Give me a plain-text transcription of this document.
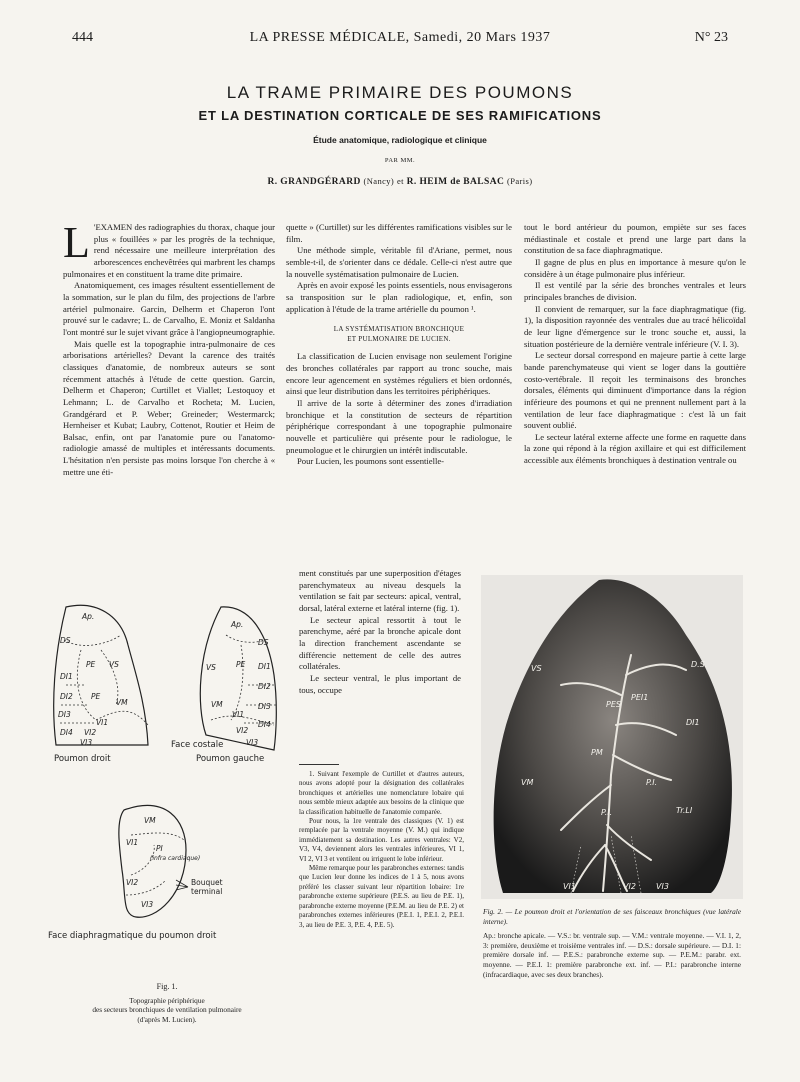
444	LA PRESSE MÉDICALE, Samedi, 20 Mars 1937	N° 23
LA TRAME PRIMAIRE DES POUMONS
ET LA DESTINATION CORTICALE DE SES RAMIFICATIONS
Étude anatomique, radiologique et clinique
PAR MM.
R. GRANDGÉRARD (Nancy) et R. HEIM de BALSAC (Paris)
L 'EXAMEN des radiographies du thorax, chaque jour plus « fouillées » par les progrès de la technique, rend nécessaire une meilleure interprétation des arborescences enchevêtrées qui marbrent les champs pulmonaires et en constituent la trame dite primaire.

Anatomiquement, ces images résultent essentiellement de la sommation, sur le plan du film, des projections de l'arbre artériel pulmonaire. Garcin, Delherm et Chaperon l'ont prouvé sur le cadavre; L. de Carvalho, E. Moniz et Saldanha l'ont montré sur le sujet vivant grâce à l'angiopneumographie.

Mais quelle est la topographie intra-pulmonaire de ces arborisations artérielles? Devant la carence des traités classiques d'anatomie, de nombreux auteurs se sont récemment attachés à l'étude de cette question. Garcin, Delherm et Chaperon; Curtillet et Viallet; Lestoquoy et Lehmann; L. de Carvalho et Rocheta; M. Lucien, Grandgérard et P. Weber; Greineder; Westermarck; Hernheiser et Kubat; Laubry, Cottenot, Routier et Heim de Balsac, enfin, ont par l'anatomie pure ou l'anatomo-radiologie amassé de multiples et intéressants documents. L'hésitation n'en persiste pas moins lorsque l'on cherche à « mettre une éti-

quette » (Curtillet) sur les différentes ramifications visibles sur le film.

Une méthode simple, véritable fil d'Ariane, permet, nous semble-t-il, de s'orienter dans ce dédale. Celle-ci n'est autre que la nouvelle systématisation pulmonaire de Lucien.

Après en avoir exposé les points essentiels, nous envisagerons sa transposition sur le plan radiologique, et, enfin, son application à l'étude de la trame artérielle du poumon ¹.

LA SYSTÉMATISATION BRONCHIQUE
ET PULMONAIRE DE LUCIEN.

La classification de Lucien envisage non seulement l'origine des bronches collatérales par rapport au tronc souche, mais encore leur agencement en systèmes réguliers et bien ordonnés, ainsi que leur distribution dans les territoires périphériques.

Il arrive de la sorte à déterminer des zones d'irradiation bronchique et la constitution de secteurs de répartition périphérique correspondant à une topographie pulmonaire nouvelle et particulière qui présente pour le radiologue, le pneumologue et le chirurgien un intérêt indiscutable.

Pour Lucien, les poumons sont essentielle-

ment constitués par une superposition d'étages parenchymateux au niveau desquels la ventilation se fait par secteurs: apical, ventral, dorsal, latéral externe et latéral interne (fig. 1).

Le secteur apical ressortit à tout le parenchyme, aéré par la bronche apicale dont la direction franchement ascendante se différencie nettement de celle des autres collatérales.

Le secteur ventral, le plus important de tous, occupe

1. Suivant l'exemple de Curtillet et d'autres auteurs, nous avons adopté pour la désignation des collatérales bronchiques et artérielles une nomenclature lobaire qui nous semble mieux adaptée aux besoins de la clinique que la classification habituelle de l'anatomie comparée.

Pour nous, la 1re ventrale des classiques (V. 1) est remplacée par la ventrale moyenne (V. M.) qui indique immédiatement sa destination. Les autres ventrales: V2, V3, V4, deviennent alors les ventrales inférieures, VI 1, VI 2, VI 3 et ventilent ou irriguent le lobe inférieur.

Même remarque pour les parabronches externes: tandis que Lucien leur donne les indices de 1 à 5, nous avons préféré les classer suivant leur répartition lobaire: 1re parabronche externe supérieure (P.E.S. au lieu de P.E. 1), parabronche externe moyenne (P.E.M. au lieu de P.E. 2) et parabronches externes inférieures (P.E.I. 1, P.E.I. 2, P.E.I. 3, au lieu de P.E. 3, P.E. 4, P.E. 5).

tout le bord antérieur du poumon, empiète sur ses faces médiastinale et costale et prend une large part dans la constitution de sa face diaphragmatique.

Il gagne de plus en plus en importance à mesure qu'on le considère à un étage pulmonaire plus inférieur.

Il est ventilé par la série des bronches ventrales et leurs principales branches de division.

Il convient de remarquer, sur la face diaphragmatique (fig. 1), la disposition rayonnée des ventrales due au tracé hélicoïdal de leur ligne d'émergence sur le tronc souche et, aussi, la situation postérieure de la dernière ventrale inférieure (V. I. 3).

Le secteur dorsal correspond en majeure partie à cette large bande parenchymateuse qui vient se loger dans la gouttière costo-vertébrale. Il reçoit les terminaisons des bronches dorsales, éléments qui diminuent d'importance dans la région inférieure des poumons et qui ne prennent nullement part à la ventilation de leur face diaphragmatique : c'est là un fait souvent oublié.

Le secteur latéral externe affecte une forme en raquette dans la zone qui répond à la région axillaire et qui est difficilement accessible aux éléments bronchiques à destination ventrale ou

Ap.
DS
PE VS
DI1
DI2 PE
VM
DI3
DI4 VI2
VI1
VI3
Ap.
DS
VS	PE DI1
DI2
VM	DI3
VI1
DI4
VI2
VI3
VM
VI1
PI
VI2
VI3
(infra cardiaque)
Bouquet
terminal
Face costale
Poumon droit	Poumon gauche
Face diaphragmatique du poumon droit
Fig. 1.
Topographie périphérique
des secteurs bronchiques de ventilation pulmonaire
(d'après M. Lucien).
D.S.
VS
PES
PEI1
DI1
PM
VM	P.I.
Tr.LI
P.I.
VI1	VI2	VI3

Fig. 2. — Le poumon droit et l'orientation de ses faisceaux bronchiques (vue latérale interne).

Ap.: bronche apicale. — V.S.: br. ventrale sup. — V.M.: ventrale moyenne. — V.I. 1, 2, 3: première, deuxième et troisième ventrales inf. — D.S.: dorsale supérieure. — D.I. 1: première dorsale inf. — P.E.S.: parabronche externe sup. — P.E.M.: parabr. ext. moyenne. — P.E.I. 1: première parabronche ext. inf. — P.I.: parabronche interne (infracardiaque, avec ses deux branches).
